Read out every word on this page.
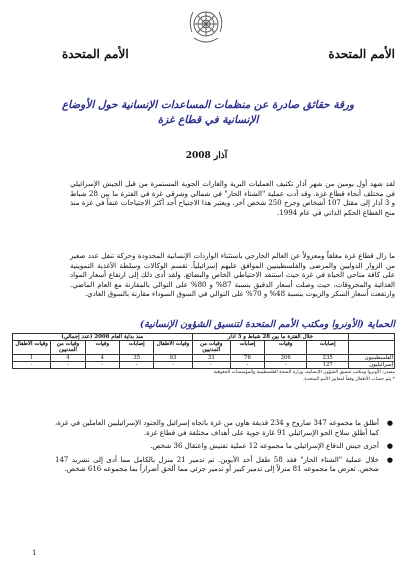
الأمم المتحدة	الأمم المتحدة
ورقة حقائق صادرة عن منظمات المساعدات الإنسانية حول الأوضاع الإنسانية في قطاع غزة
آذار 2008
لقد شهد أول يومين من شهر آذار تكثيف العمليات البرية والغارات الجوية المستمرة من قبل الجيش الإسرائيلي في مختلف أنحاء قطاع غزة. وقد أدت عملية "الشتاء الحار" في شمالي وشرقي غزة في الفترة ما بين 28 شباط و 3 آذار إلى مقتل 107 أشخاص وجرح 250 شخص آخر. ويعتبر هذا الاجتياح أحد أكثر الاجتياحات عنفاً في غزة منذ منح القطاع الحكم الذاتي في عام 1994.
ما زال قطاع غزة مغلقاً ومعزولاً عن العالم الخارجي باستثناء الواردات الإنسانية المحدودة وحركة تنقل عدد صغير من الزوار الدوليين والمرضى والفلسطينيين الموافق عليهم إسرائيلياً. تقسم الوكالات وسلطة الأغذية التموينية على كافة مناحي الحياة في غزة حيث استنفد الاحتياطي الخاص والبضائع. ولقد أدى ذلك إلى ارتفاع أسعار المواد الغذائية والمحروقات، حيث وصلت أسعار الدقيق بنسبة 87% و 80% على التوالي بالمقارنة مع العام الماضي. وارتفعت أسعار السكر والزيوت بنسبة 48% و 70% على التوالي في السوق السوداء مقارنة بالسوق العادي.
الحماية (الأونروا ومكتب الأمم المتحدة لتنسيق الشؤون الإنسانية)
	خلال الفترة ما بين 28 شباط و 3 آذار				منذ بداية العام 2008 (عدد إجمالي)				
	إصابات	وفيات	إصابات	وفيات من المدنيين	وفيات الأطفال	إصابات	وفيات	وفيات من المدنيين	وفيات الأطفال
الفلسطينيون	235	306	76	33	93	35	4	4	1
إسرائيليون	127	-	-	-	-	-	-	-	-
مصدر: الأونروا ومكتب تنسيق الشؤون الإنسانية، وزارة الصحة الفلسطينية والمؤسسات الحقوقية.
* يتم حساب الأطفال وفقاً لمعايير الأمم المتحدة.
●
أطلق ما مجموعه 347 صاروخ و 234 قذيفة هاون من غزة باتجاه إسرائيل والجنود الإسرائيليين العاملين في غزة، كما أطلق سلاح الجو الإسرائيلي 91 غارة جوية على أهداف مختلفة في قطاع غزة.
●
أجرى جيش الدفاع الإسرائيلي ما مجموعه 12 عملية تفتيش واعتقال 36 شخص.
●
خلال عملية "الشتاء الحار" فقد 58 طفل أحد الأبوين. تم تدمير 21 منزل بالكامل مما أدى إلى تشريد 147 شخص. تعرض ما مجموعه 81 منزلاً إلى تدمير كبير أو تدمير جزئي مما ألحق أضراراً بما مجموعه 616 شخص.
1
